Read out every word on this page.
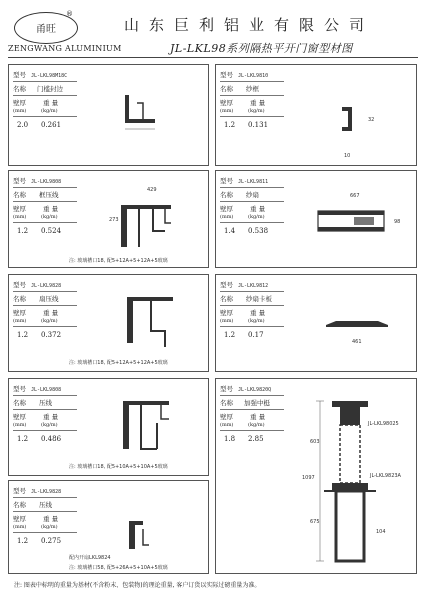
甬旺
®
ZENGWANG ALUMINIUM
山东巨利铝业有限公司
JL-LKL98系列隔热平开门窗型材图
型号 JL-LKL98M18C
名称 门槛封边
壁厚	重 量
(mm)	(kg/m)
2.0 0.261
型号 JL-LKL9810
名称 纱框
壁厚	重 量
(mm)	(kg/m)
1.2 0.131
10
32
型号 JL-LKL9808
名称 框压线
壁厚	重 量
(mm)	(kg/m)
1.2 0.524
429
273
注: 玻璃槽口18, 配5+12A+5+12A+5玻璃
型号 JL-LKL9811
名称 纱扇
壁厚	重 量
(mm)	(kg/m)
1.4 0.538
667
98
型号 JL-LKL9828
名称 扇压线
壁厚	重 量
(mm)	(kg/m)
1.2 0.372
注: 玻璃槽口18, 配5+12A+5+12A+5玻璃
型号 JL-LKL9812
名称 纱扇卡板
壁厚	重 量
(mm)	(kg/m)
1.2 0.17
461
型号 JL-LKL9808
名称 压线
壁厚	重 量
(mm)	(kg/m)
1.2 0.486
注: 玻璃槽口18, 配5+10A+5+10A+5玻璃
型号 JL-LKL9820Q
名称 加强中梃
壁厚	重 量
(mm)	(kg/m)
1.8 2.85
JL-LKL98025
JL-LKL9823A
1097
603
675
104
型号 JL-LKL9828
名称 压线
壁厚	重 量
(mm)	(kg/m)
1.2 0.275
配内开扇LKL9824
注: 玻璃槽口58, 配5+26A+5+10A+5玻璃
注: 图表中标明的重量为基材(不含粉末、包装物)的理论重量, 客户订货以实际过磅重量为准。
